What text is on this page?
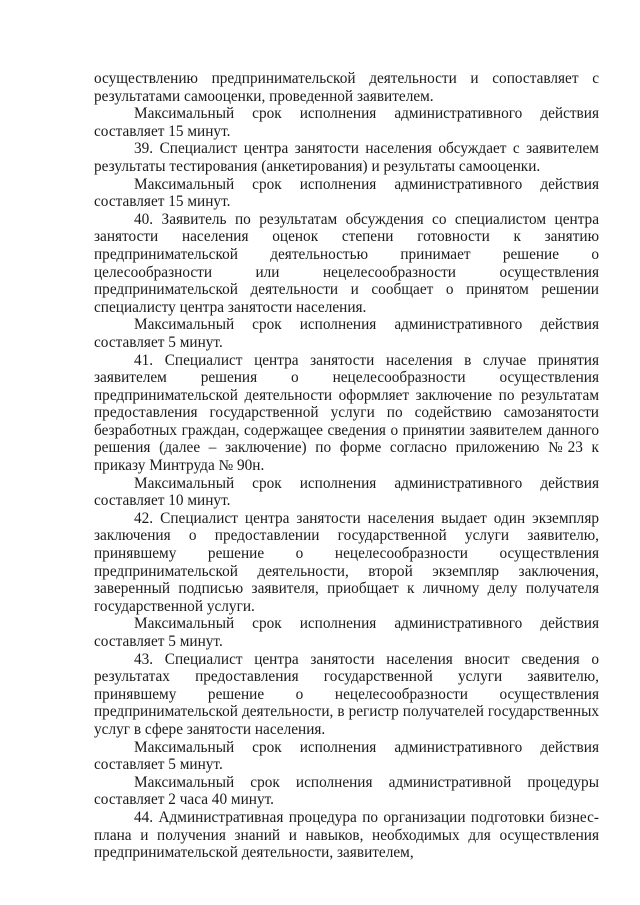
осуществлению предпринимательской деятельности и сопоставляет с результатами самооценки, проведенной заявителем.

Максимальный срок исполнения административного действия составляет 15 минут.

39. Специалист центра занятости населения обсуждает с заявителем результаты тестирования (анкетирования) и результаты самооценки.

Максимальный срок исполнения административного действия составляет 15 минут.

40. Заявитель по результатам обсуждения со специалистом центра занятости населения оценок степени готовности к занятию предпринимательской деятельностью принимает решение о целесообразности или нецелесообразности осуществления предпринимательской деятельности и сообщает о принятом решении специалисту центра занятости населения.

Максимальный срок исполнения административного действия составляет 5 минут.

41. Специалист центра занятости населения в случае принятия заявителем решения о нецелесообразности осуществления предпринимательской деятельности оформляет заключение по результатам предоставления государственной услуги по содействию самозанятости безработных граждан, содержащее сведения о принятии заявителем данного решения (далее – заключение) по форме согласно приложению №23 к приказу Минтруда № 90н.

Максимальный срок исполнения административного действия составляет 10 минут.

42. Специалист центра занятости населения выдает один экземпляр заключения о предоставлении государственной услуги заявителю, принявшему решение о нецелесообразности осуществления предпринимательской деятельности, второй экземпляр заключения, заверенный подписью заявителя, приобщает к личному делу получателя государственной услуги.

Максимальный срок исполнения административного действия составляет 5 минут.

43. Специалист центра занятости населения вносит сведения о результатах предоставления государственной услуги заявителю, принявшему решение о нецелесообразности осуществления предпринимательской деятельности, в регистр получателей государственных услуг в сфере занятости населения.

Максимальный срок исполнения административного действия составляет 5 минут.

Максимальный срок исполнения административной процедуры составляет 2 часа 40 минут.

44. Административная процедура по организации подготовки бизнес-плана и получения знаний и навыков, необходимых для осуществления предпринимательской деятельности, заявителем,
